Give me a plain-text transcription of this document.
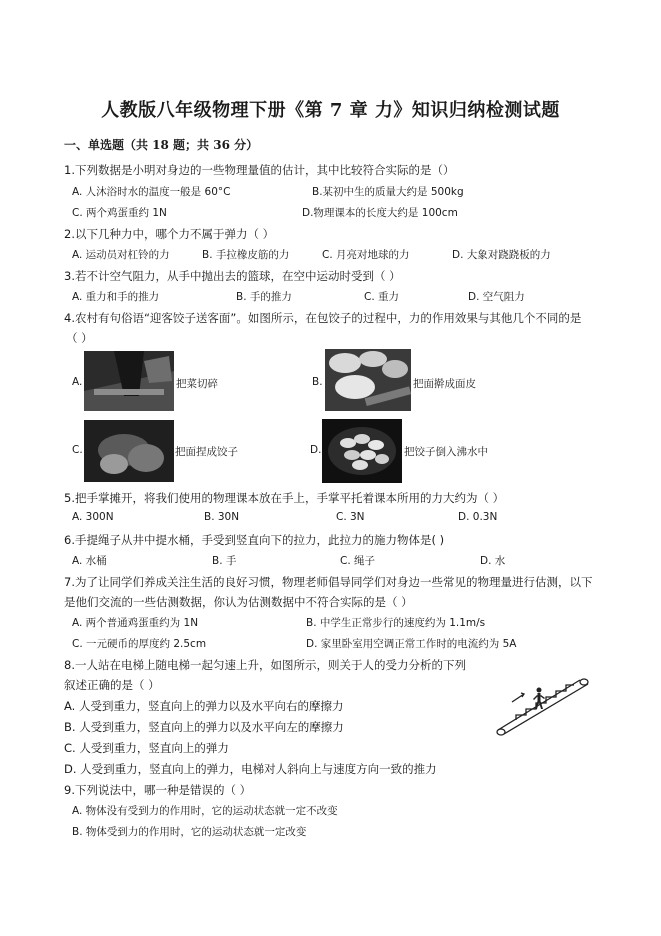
人教版八年级物理下册《第 7 章 力》知识归纳检测试题
一、单选题（共 18 题；共 36 分）
1.下列数据是小明对身边的一些物理量值的估计，其中比较符合实际的是（）
A. 人沐浴时水的温度一般是 60°C	B.某初中生的质量大约是 500kg
C. 两个鸡蛋重约 1N	D.物理课本的长度大约是 100cm
2.以下几种力中，哪个力不属于弹力（ ）
A. 运动员对杠铃的力	B. 手拉橡皮筋的力	C. 月亮对地球的力	D. 大象对跷跷板的力
3.若不计空气阻力，从手中抛出去的篮球，在空中运动时受到（ ）
A. 重力和手的推力	B. 手的推力	C. 重力	D. 空气阻力
4.农村有句俗语“迎客饺子送客面”。如图所示，在包饺子的过程中，力的作用效果与其他几个不同的是
（ ）
A.	把菜切碎	B.	把面擀成面皮
C.	把面捏成饺子	D.	把饺子倒入沸水中
5.把手掌摊开，将我们使用的物理课本放在手上，手掌平托着课本所用的力大约为（ ）
A. 300N	B. 30N	C. 3N	D. 0.3N
6.手提绳子从井中提水桶，手受到竖直向下的拉力，此拉力的施力物体是( )
A. 水桶	B. 手	C. 绳子	D. 水
7.为了让同学们养成关注生活的良好习惯，物理老师倡导同学们对身边一些常见的物理量进行估测，以下
是他们交流的一些估测数据，你认为估测数据中不符合实际的是（ ）
A. 两个普通鸡蛋重约为 1N	B. 中学生正常步行的速度约为 1.1m/s
C. 一元硬币的厚度约 2.5cm	D. 家里卧室用空调正常工作时的电流约为 5A
8.一人站在电梯上随电梯一起匀速上升，如图所示，则关于人的受力分析的下列
叙述正确的是（ ）
A. 人受到重力，竖直向上的弹力以及水平向右的摩擦力
B. 人受到重力，竖直向上的弹力以及水平向左的摩擦力
C. 人受到重力，竖直向上的弹力
D. 人受到重力，竖直向上的弹力，电梯对人斜向上与速度方向一致的推力
9.下列说法中，哪一种是错误的（ ）
A. 物体没有受到力的作用时，它的运动状态就一定不改变
B. 物体受到力的作用时，它的运动状态就一定改变
